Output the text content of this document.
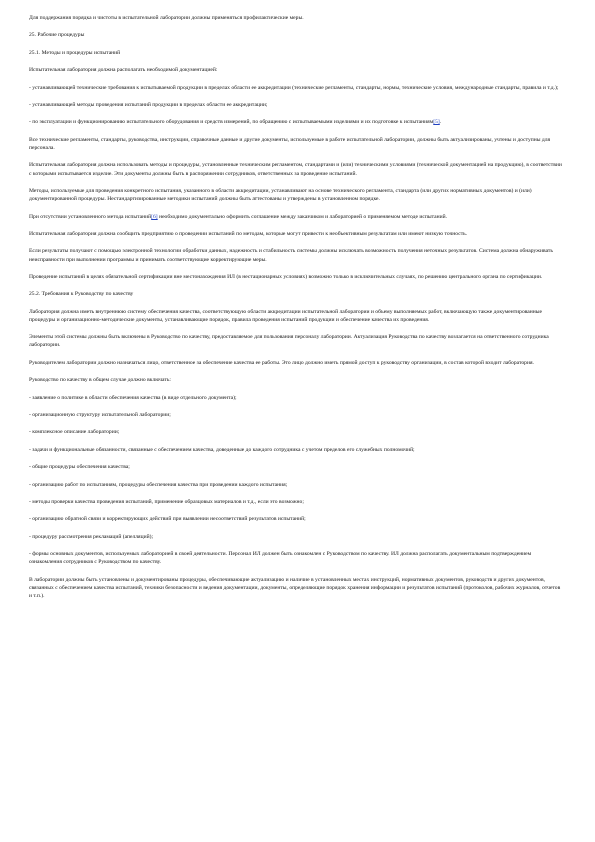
Для поддержания порядка и чистоты в испытательной лаборатории должны применяться профилактические меры.

25. Рабочие процедуры

25.1. Методы и процедуры испытаний

Испытательная лаборатория должна располагать необходимой документацией:

- устанавливающей технические требования к испытываемой продукции в пределах области ее аккредитации (технические регламенты, стандарты, нормы, технические условия, международные стандарты, правила и т.д.);

- устанавливающей методы проведения испытаний продукции в пределах области ее аккредитации;

- по эксплуатации и функционированию испытательного оборудования и средств измерений, по обращению с испытываемыми изделиями и их подготовке к испытаниям[5].

Все технические регламенты, стандарты, руководства, инструкции, справочные данные и другие документы, используемые в работе испытательной лаборатории, должны быть актуализированы, учтены и доступны для персонала.

Испытательная лаборатория должна использовать методы и процедуры, установленные техническим регламентом, стандартами и (или) техническими условиями (технической документацией на продукцию), в соответствии с которыми испытывается изделие. Эти документы должны быть в распоряжении сотрудников, ответственных за проведение испытаний.

Методы, используемые для проведения конкретного испытания, указанного в области аккредитации, устанавливают на основе технического регламента, стандарта (или других нормативных документов) и (или) документированной процедуры. Нестандартизированные методики испытаний должны быть аттестованы и утверждены в установленном порядке.

При отсутствии установленного метода испытаний[6] необходимо документально оформить соглашение между заказчиком и лабораторией о применяемом методе испытаний.

Испытательная лаборатория должна сообщить предприятию о проведении испытаний по методам, которые могут привести к необъективным результатам или имеют низкую точность.

Если результаты получают с помощью электронной технологии обработки данных, надежность и стабильность системы должны исключать возможность получения неточных результатов. Система должна обнаруживать неисправности при выполнении программы и принимать соответствующие корректирующие меры.

Проведение испытаний в целях обязательной сертификации вне местонахождения ИЛ (в нестационарных условиях) возможно только в исключительных случаях, по решению центрального органа по сертификации.

25.2. Требования к Руководству по качеству

Лаборатория должна иметь внутреннюю систему обеспечения качества, соответствующую области аккредитации испытательной лаборатории и объему выполняемых работ, включающую также документированные процедуры и организационно-методические документы, устанавливающие порядок, правила проведения испытаний продукции и обеспечение качества их проведения.

Элементы этой системы должны быть включены в Руководство по качеству, предоставляемое для пользования персоналу лаборатории. Актуализация Руководства по качеству возлагается на ответственного сотрудника лаборатории.

Руководителем лаборатории должно назначаться лицо, ответственное за обеспечение качества ее работы. Это лицо должно иметь прямой доступ к руководству организации, в состав которой входит лаборатория.

Руководство по качеству в общем случае должно включать:

- заявление о политике в области обеспечения качества (в виде отдельного документа);

- организационную структуру испытательной лаборатории;

- комплексное описание лаборатории;

- задачи и функциональные обязанности, связанные с обеспечением качества, доведенные до каждого сотрудника с учетом пределов его служебных полномочий;

- общие процедуры обеспечения качества;

- организацию работ по испытаниям, процедуры обеспечения качества при проведении каждого испытания;

- методы проверки качества проведения испытаний, применение образцовых материалов и т.д., если это возможно;

- организацию обратной связи и корректирующих действий при выявлении несоответствий результатов испытаний;

- процедуру рассмотрения рекламаций (апелляций);

- формы основных документов, используемых лабораторией в своей деятельности. Персонал ИЛ должен быть ознакомлен с Руководством по качеству. ИЛ должна располагать документальным подтверждением ознакомления сотрудников с Руководством по качеству.

В лаборатории должны быть установлены и документированы процедуры, обеспечивающие актуализацию и наличие в установленных местах инструкций, нормативных документов, руководств и других документов, связанных с обеспечением качества испытаний, техники безопасности и ведения документации, документы, определяющие порядок хранения информации и результатов испытаний (протоколов, рабочих журналов, отчетов и т.п.).
